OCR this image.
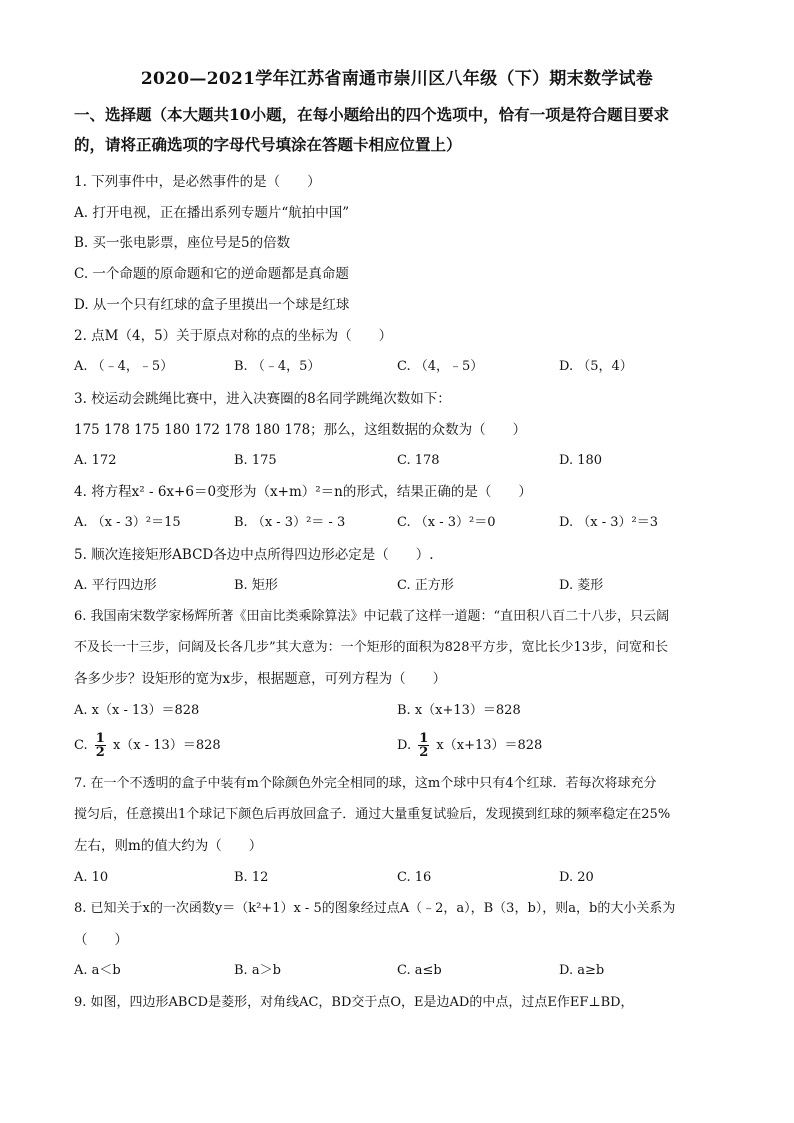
2020—2021学年江苏省南通市崇川区八年级（下）期末数学试卷
一、选择题（本大题共10小题，在每小题给出的四个选项中，恰有一项是符合题目要求
的，请将正确选项的字母代号填涂在答题卡相应位置上）
1. 下列事件中，是必然事件的是（　　）
A. 打开电视，正在播出系列专题片“航拍中国”
B. 买一张电影票，座位号是5的倍数
C. 一个命题的原命题和它的逆命题都是真命题
D. 从一个只有红球的盒子里摸出一个球是红球
2. 点M（4，5）关于原点对称的点的坐标为（　　）
A. （﹣4，﹣5）	B. （﹣4，5）	C. （4，﹣5）	D. （5，4）
3. 校运动会跳绳比赛中，进入决赛圈的8名同学跳绳次数如下：
175 178 175 180 172 178 180 178；那么，这组数据的众数为（　　）
A. 172	B. 175	C. 178	D. 180
4. 将方程x² - 6x+6＝0变形为（x+m）²＝n的形式，结果正确的是（　　）
A. （x - 3）²＝15	B. （x - 3）²＝ - 3	C. （x - 3）²＝0	D. （x - 3）²＝3
5. 顺次连接矩形ABCD各边中点所得四边形必定是（　　）.
A. 平行四边形	B. 矩形	C. 正方形	D. 菱形
6. 我国南宋数学家杨辉所著《田亩比类乘除算法》中记载了这样一道题：“直田积八百二十八步，只云阔
不及长一十三步，问阔及长各几步”其大意为：一个矩形的面积为828平方步，宽比长少13步，问宽和长
各多少步？设矩形的宽为x步，根据题意，可列方程为（　　）
A. x（x - 13）＝828	B. x（x+13）＝828
C. $\frac{1}{2} x(x - 13)=828$	D. $\frac{1}{2} x(x+13)=828$
7. 在一个不透明的盒子中装有m个除颜色外完全相同的球，这m个球中只有4个红球．若每次将球充分
搅匀后，任意摸出1个球记下颜色后再放回盒子．通过大量重复试验后，发现摸到红球的频率稳定在25%
左右，则m的值大约为（　　）
A. 10	B. 12	C. 16	D. 20
8. 已知关于x的一次函数y＝（k²+1）x - 5的图象经过点A（﹣2，a），B（3，b），则a，b的大小关系为
（　　）
A. a＜b	B. a＞b	C. a≤b	D. a≥b
9. 如图，四边形ABCD是菱形，对角线AC，BD交于点O，E是边AD的中点，过点E作EF⊥BD，
